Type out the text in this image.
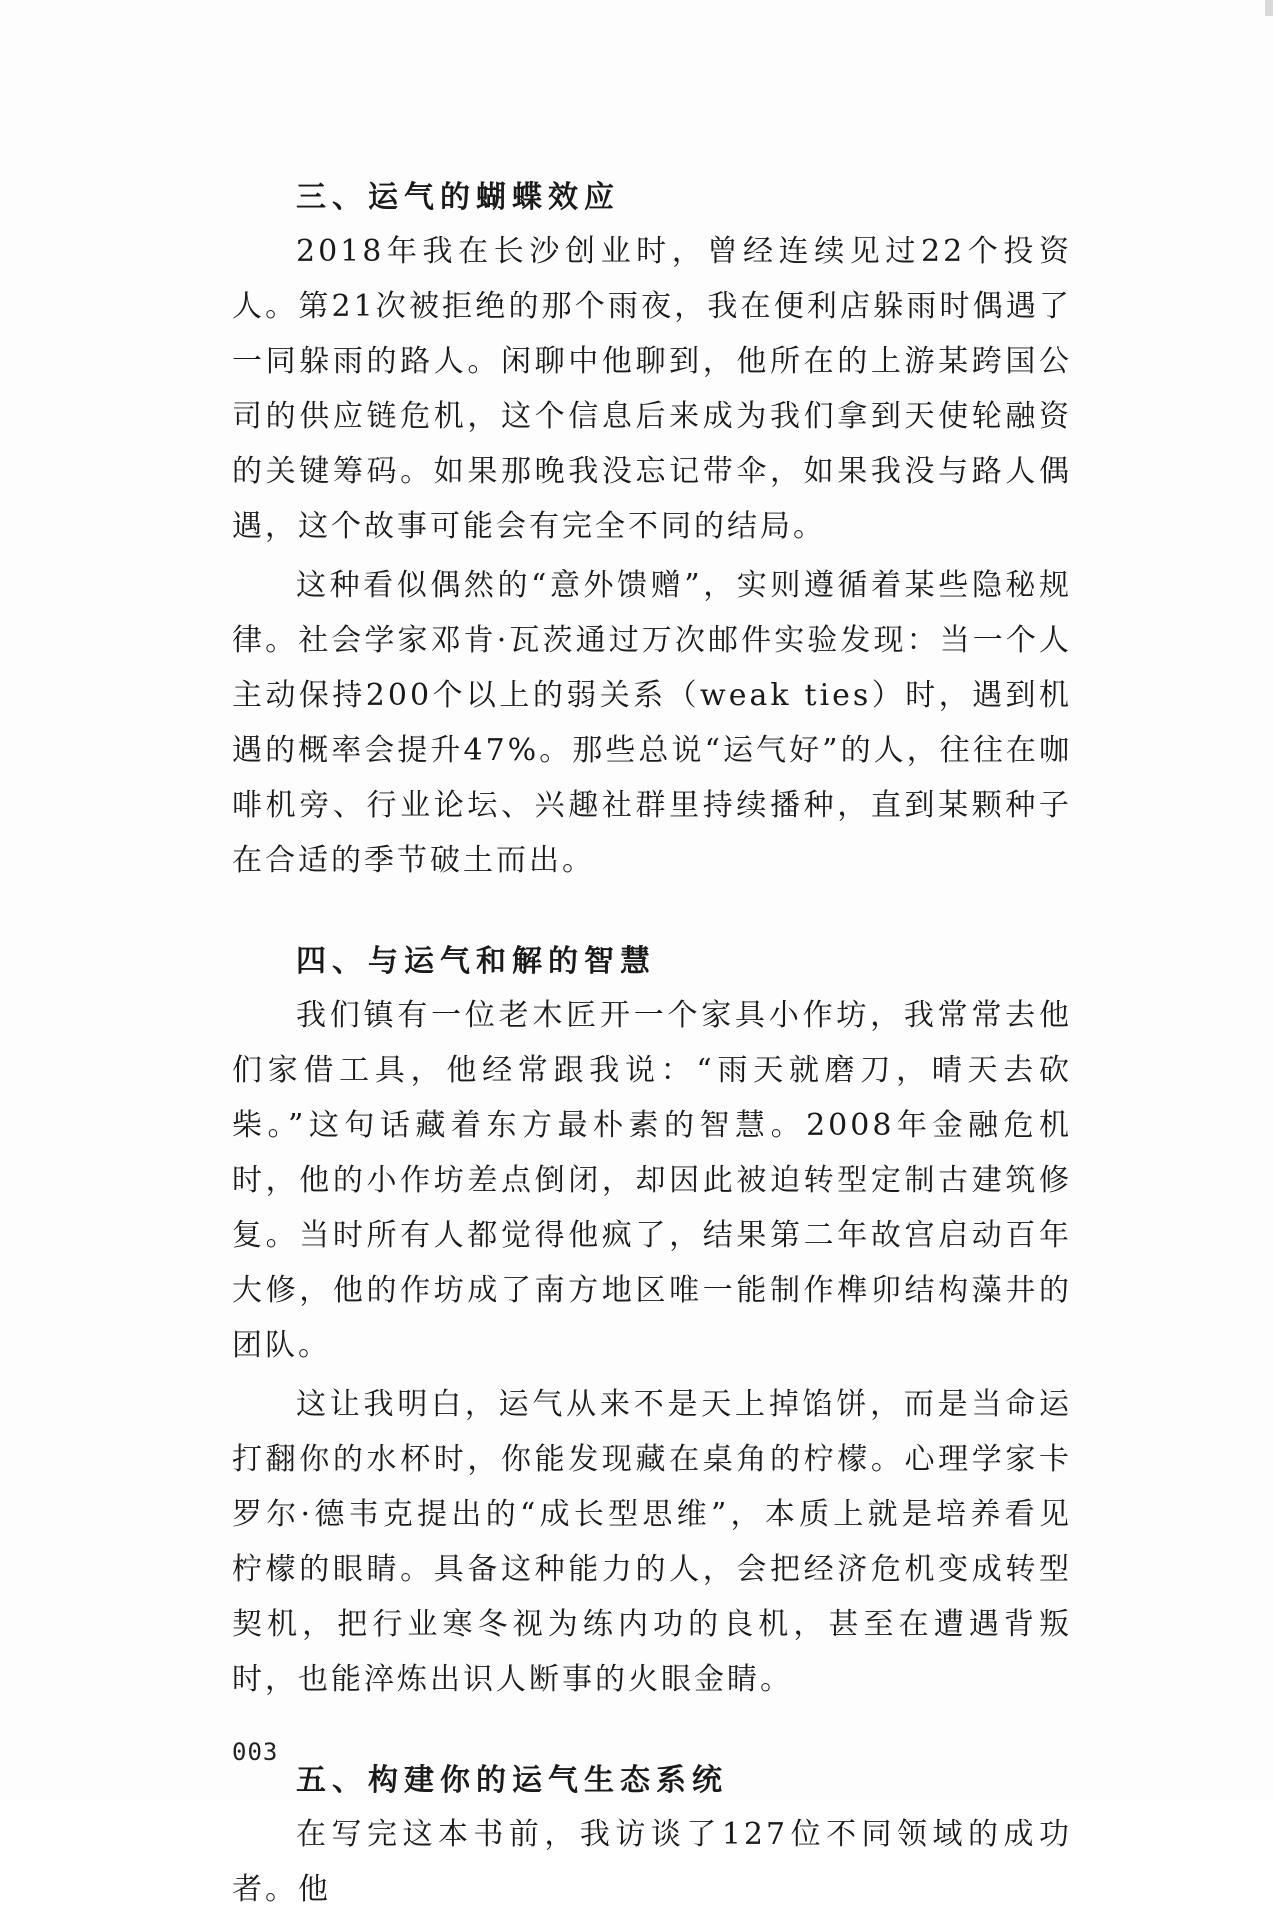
三、运气的蝴蝶效应

2018年我在长沙创业时，曾经连续见过22个投资人。第21次被拒绝的那个雨夜，我在便利店躲雨时偶遇了一同躲雨的路人。闲聊中他聊到，他所在的上游某跨国公司的供应链危机，这个信息后来成为我们拿到天使轮融资的关键筹码。如果那晚我没忘记带伞，如果我没与路人偶遇，这个故事可能会有完全不同的结局。

这种看似偶然的“意外馈赠”，实则遵循着某些隐秘规律。社会学家邓肯·瓦茨通过万次邮件实验发现：当一个人主动保持200个以上的弱关系（weak ties）时，遇到机遇的概率会提升47%。那些总说“运气好”的人，往往在咖啡机旁、行业论坛、兴趣社群里持续播种，直到某颗种子在合适的季节破土而出。

四、与运气和解的智慧

我们镇有一位老木匠开一个家具小作坊，我常常去他们家借工具，他经常跟我说：“雨天就磨刀，晴天去砍柴。”这句话藏着东方最朴素的智慧。2008年金融危机时，他的小作坊差点倒闭，却因此被迫转型定制古建筑修复。当时所有人都觉得他疯了，结果第二年故宫启动百年大修，他的作坊成了南方地区唯一能制作榫卯结构藻井的团队。

这让我明白，运气从来不是天上掉馅饼，而是当命运打翻你的水杯时，你能发现藏在桌角的柠檬。心理学家卡罗尔·德韦克提出的“成长型思维”，本质上就是培养看见柠檬的眼睛。具备这种能力的人，会把经济危机变成转型契机，把行业寒冬视为练内功的良机，甚至在遭遇背叛时，也能淬炼出识人断事的火眼金睛。

五、构建你的运气生态系统

在写完这本书前，我访谈了127位不同领域的成功者。他

003
